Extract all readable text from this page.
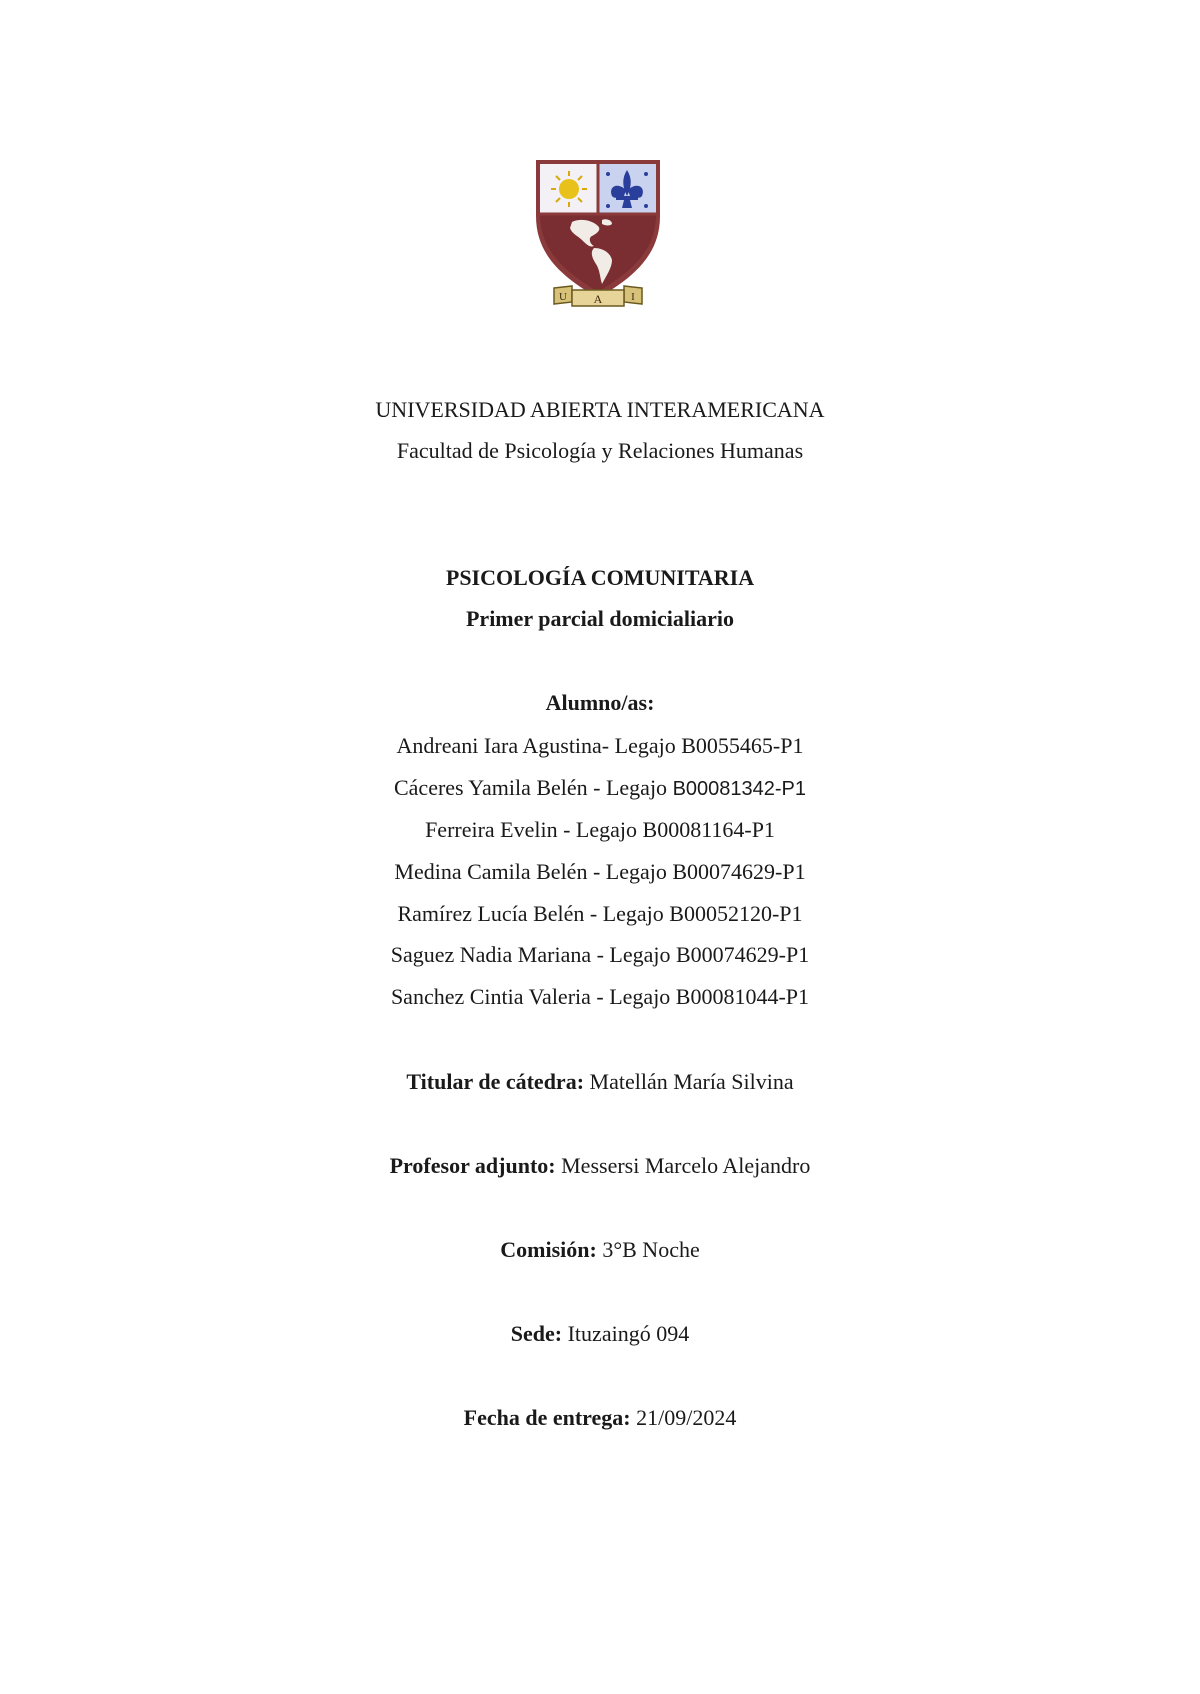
U A	I
UNIVERSIDAD ABIERTA INTERAMERICANA
Facultad de Psicología y Relaciones Humanas
PSICOLOGÍA COMUNITARIA
Primer parcial domicialiario
Alumno/as:
Andreani Iara Agustina- Legajo B0055465-P1
Cáceres Yamila Belén - Legajo B00081342-P1
Ferreira Evelin - Legajo B00081164-P1
Medina Camila Belén - Legajo B00074629-P1
Ramírez Lucía Belén - Legajo B00052120-P1
Saguez Nadia Mariana - Legajo B00074629-P1
Sanchez Cintia Valeria - Legajo B00081044-P1
Titular de cátedra: Matellán María Silvina
Profesor adjunto: Messersi Marcelo Alejandro
Comisión: 3°B Noche
Sede: Ituzaingó 094
Fecha de entrega: 21/09/2024
